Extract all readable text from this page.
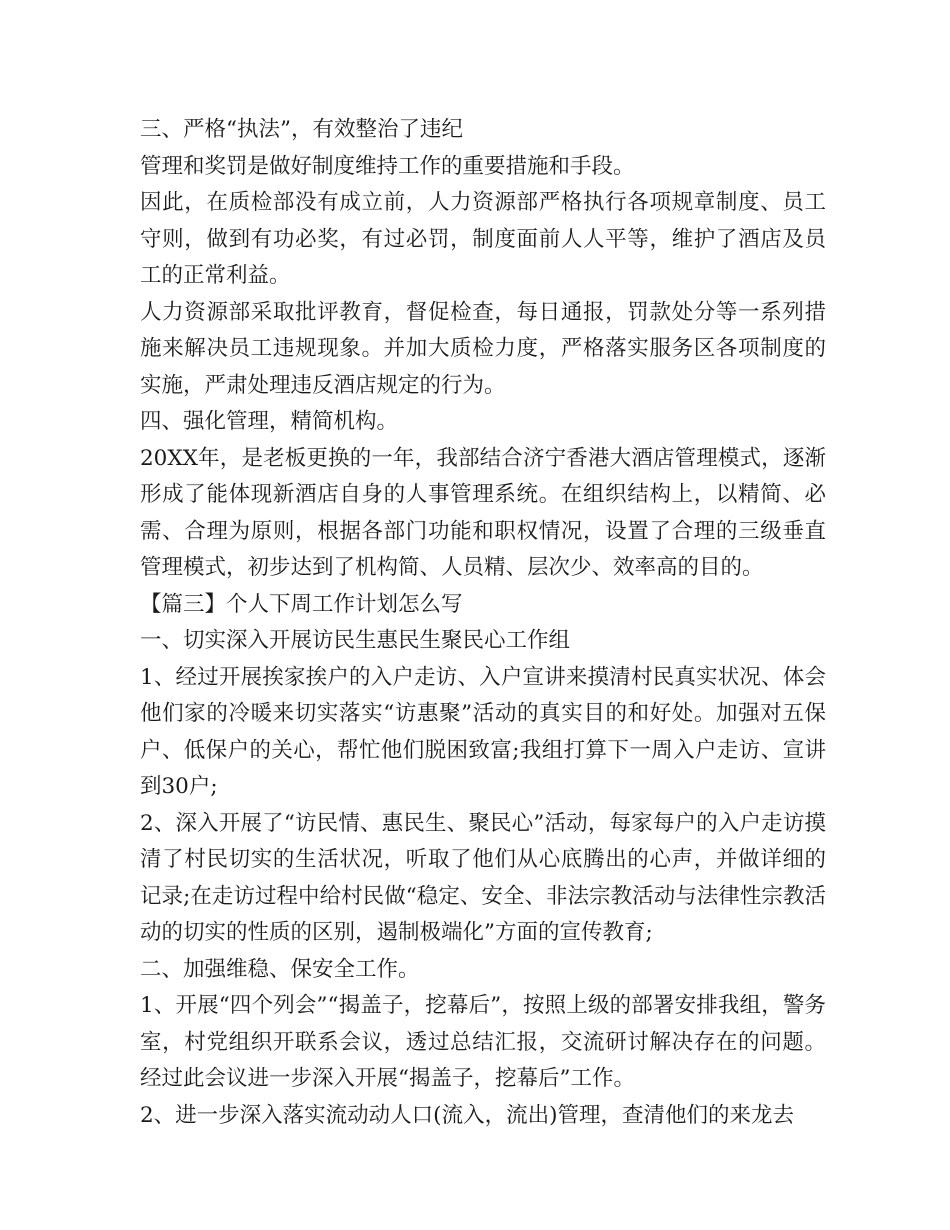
三、严格“执法”，有效整治了违纪

管理和奖罚是做好制度维持工作的重要措施和手段。

因此，在质检部没有成立前，人力资源部严格执行各项规章制度、员工守则，做到有功必奖，有过必罚，制度面前人人平等，维护了酒店及员工的正常利益。

人力资源部采取批评教育，督促检查，每日通报，罚款处分等一系列措施来解决员工违规现象。并加大质检力度，严格落实服务区各项制度的实施，严肃处理违反酒店规定的行为。

四、强化管理，精简机构。

20XX年，是老板更换的一年，我部结合济宁香港大酒店管理模式，逐渐形成了能体现新酒店自身的人事管理系统。在组织结构上，以精简、必需、合理为原则，根据各部门功能和职权情况，设置了合理的三级垂直管理模式，初步达到了机构简、人员精、层次少、效率高的目的。

【篇三】个人下周工作计划怎么写

一、切实深入开展访民生惠民生聚民心工作组

1、经过开展挨家挨户的入户走访、入户宣讲来摸清村民真实状况、体会他们家的冷暖来切实落实“访惠聚”活动的真实目的和好处。加强对五保户、低保户的关心，帮忙他们脱困致富;我组打算下一周入户走访、宣讲到30户;

2、深入开展了“访民情、惠民生、聚民心”活动，每家每户的入户走访摸清了村民切实的生活状况，听取了他们从心底腾出的心声，并做详细的记录;在走访过程中给村民做“稳定、安全、非法宗教活动与法律性宗教活动的切实的性质的区别，遏制极端化”方面的宣传教育;

二、加强维稳、保安全工作。

1、开展“四个列会”“揭盖子，挖幕后”，按照上级的部署安排我组，警务室，村党组织开联系会议，透过总结汇报，交流研讨解决存在的问题。经过此会议进一步深入开展“揭盖子，挖幕后”工作。

2、进一步深入落实流动动人口(流入，流出)管理，查清他们的来龙去
